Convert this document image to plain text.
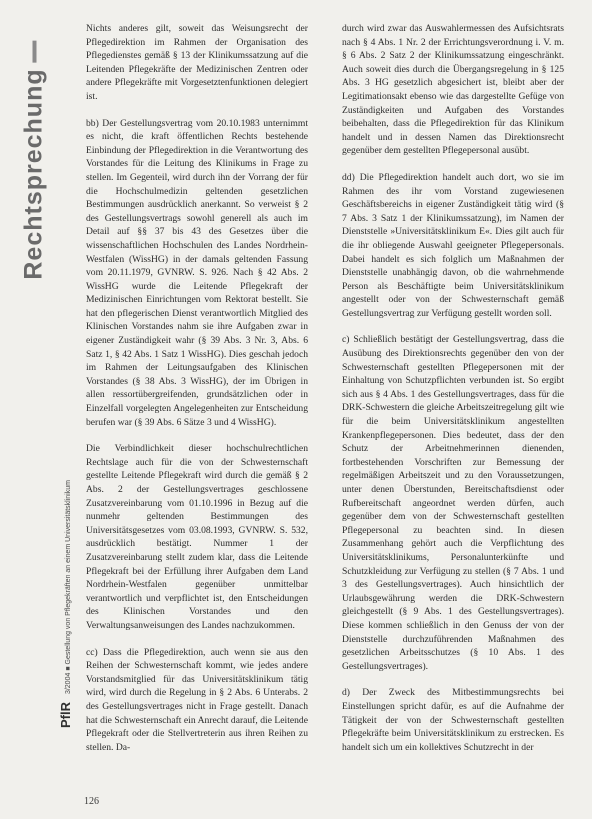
Rechtsprechung
PflR 3/2004 ■ Gestellung von Pflegekräften an einem Universitätsklinikum

Nichts anderes gilt, soweit das Weisungsrecht der Pflegedirektion im Rahmen der Organisation des Pflegedienstes gemäß § 13 der Klinikumssatzung auf die Leitenden Pflegekräfte der Medizinischen Zentren oder andere Pflegekräfte mit Vorgesetztenfunktionen delegiert ist.

bb) Der Gestellungsvertrag vom 20.10.1983 unternimmt es nicht, die kraft öffentlichen Rechts bestehende Einbindung der Pflegedirektion in die Verantwortung des Vorstandes für die Leitung des Klinikums in Frage zu stellen. Im Gegenteil, wird durch ihn der Vorrang der für die Hochschulmedizin geltenden gesetzlichen Bestimmungen ausdrücklich anerkannt. So verweist § 2 des Gestellungsvertrags sowohl generell als auch im Detail auf §§ 37 bis 43 des Gesetzes über die wissenschaftlichen Hochschulen des Landes Nordrhein-Westfalen (WissHG) in der damals geltenden Fassung vom 20.11.1979, GVNRW. S. 926. Nach § 42 Abs. 2 WissHG wurde die Leitende Pflegekraft der Medizinischen Einrichtungen vom Rektorat bestellt. Sie hat den pflegerischen Dienst verantwortlich Mitglied des Klinischen Vorstandes nahm sie ihre Aufgaben zwar in eigener Zuständigkeit wahr (§ 39 Abs. 3 Nr. 3, Abs. 6 Satz 1, § 42 Abs. 1 Satz 1 WissHG). Dies geschah jedoch im Rahmen der Leitungsaufgaben des Klinischen Vorstandes (§ 38 Abs. 3 WissHG), der im Übrigen in allen ressortübergreifenden, grundsätzlichen oder in Einzelfall vorgelegten Angelegenheiten zur Entscheidung berufen war (§ 39 Abs. 6 Sätze 3 und 4 WissHG).

Die Verbindlichkeit dieser hochschulrechtlichen Rechtslage auch für die von der Schwesternschaft gestellte Leitende Pflegekraft wird durch die gemäß § 2 Abs. 2 der Gestellungsvertrages geschlossene Zusatzvereinbarung vom 01.10.1996 in Bezug auf die nunmehr geltenden Bestimmungen des Universitätsgesetzes vom 03.08.1993, GVNRW. S. 532, ausdrücklich bestätigt. Nummer 1 der Zusatzvereinbarung stellt zudem klar, dass die Leitende Pflegekraft bei der Erfüllung ihrer Aufgaben dem Land Nordrhein-Westfalen gegenüber unmittelbar verantwortlich und verpflichtet ist, den Entscheidungen des Klinischen Vorstandes und den Verwaltungsanweisungen des Landes nachzukommen.

cc) Dass die Pflegedirektion, auch wenn sie aus den Reihen der Schwesternschaft kommt, wie jedes andere Vorstandsmitglied für das Universitätsklinikum tätig wird, wird durch die Regelung in § 2 Abs. 6 Unterabs. 2 des Gestellungsvertrages nicht in Frage gestellt. Danach hat die Schwesternschaft ein Anrecht darauf, die Leitende Pflegekraft oder die Stellvertreterin aus ihren Reihen zu stellen. Da-

durch wird zwar das Auswahlermessen des Aufsichtsrats nach § 4 Abs. 1 Nr. 2 der Errichtungsverordnung i. V. m. § 6 Abs. 2 Satz 2 der Klinikumssatzung eingeschränkt. Auch soweit dies durch die Übergangsregelung in § 125 Abs. 3 HG gesetzlich abgesichert ist, bleibt aber der Legitimationsakt ebenso wie das dargestellte Gefüge von Zuständigkeiten und Aufgaben des Vorstandes beibehalten, dass die Pflegedirektion für das Klinikum handelt und in dessen Namen das Direktionsrecht gegenüber dem gestellten Pflegepersonal ausübt.

dd) Die Pflegedirektion handelt auch dort, wo sie im Rahmen des ihr vom Vorstand zugewiesenen Geschäftsbereichs in eigener Zuständigkeit tätig wird (§ 7 Abs. 3 Satz 1 der Klinikumssatzung), im Namen der Dienststelle »Universitätsklinikum E«. Dies gilt auch für die ihr obliegende Auswahl geeigneter Pflegepersonals. Dabei handelt es sich folglich um Maßnahmen der Dienststelle unabhängig davon, ob die wahrnehmende Person als Beschäftigte beim Universitätsklinikum angestellt oder von der Schwesternschaft gemäß Gestellungsvertrag zur Verfügung gestellt worden soll.

c) Schließlich bestätigt der Gestellungsvertrag, dass die Ausübung des Direktionsrechts gegenüber den von der Schwesternschaft gestellten Pflegepersonen mit der Einhaltung von Schutzpflichten verbunden ist. So ergibt sich aus § 4 Abs. 1 des Gestellungsvertrages, dass für die DRK-Schwestern die gleiche Arbeitszeitregelung gilt wie für die beim Universitätsklinikum angestellten Krankenpflegepersonen. Dies bedeutet, dass der den Schutz der Arbeitnehmerinnen dienenden, fortbestehenden Vorschriften zur Bemessung der regelmäßigen Arbeitszeit und zu den Voraussetzungen, unter denen Überstunden, Bereitschaftsdienst oder Rufbereitschaft angeordnet werden dürfen, auch gegenüber dem von der Schwesternschaft gestellten Pflegepersonal zu beachten sind. In diesen Zusammenhang gehört auch die Verpflichtung des Universitätsklinikums, Personalunterkünfte und Schutzkleidung zur Verfügung zu stellen (§ 7 Abs. 1 und 3 des Gestellungsvertrages). Auch hinsichtlich der Urlaubsgewährung werden die DRK-Schwestern gleichgestellt (§ 9 Abs. 1 des Gestellungsvertrages). Diese kommen schließlich in den Genuss der von der Dienststelle durchzuführenden Maßnahmen des gesetzlichen Arbeitsschutzes (§ 10 Abs. 1 des Gestellungsvertrages).

d) Der Zweck des Mitbestimmungsrechts bei Einstellungen spricht dafür, es auf die Aufnahme der Tätigkeit der von der Schwesternschaft gestellten Pflegekräfte beim Universitätsklinikum zu erstrecken. Es handelt sich um ein kollektives Schutzrecht in der

126
